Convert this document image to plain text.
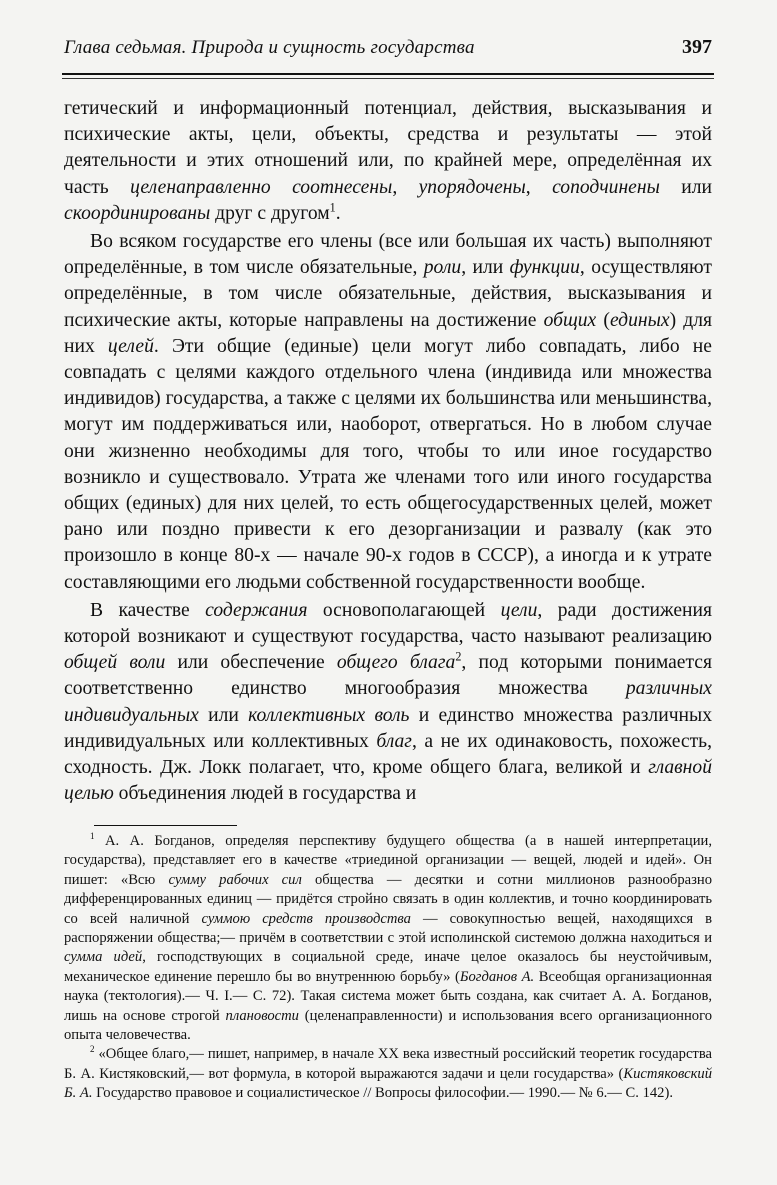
Глава седьмая. Природа и сущность государства	397

гетический и информационный потенциал, действия, высказывания и психические акты, цели, объекты, средства и результаты — этой деятельности и этих отношений или, по крайней мере, определённая их часть целенаправленно соотнесены, упорядочены, соподчинены или скоординированы друг с другом$^1$.

Во всяком государстве его члены (все или большая их часть) выполняют определённые, в том числе обязательные, роли, или функции, осуществляют определённые, в том числе обязательные, действия, высказывания и психические акты, которые направлены на достижение общих (единых) для них целей. Эти общие (единые) цели могут либо совпадать, либо не совпадать с целями каждого отдельного члена (индивида или множества индивидов) государства, а также с целями их большинства или меньшинства, могут им поддерживаться или, наоборот, отвергаться. Но в любом случае они жизненно необходимы для того, чтобы то или иное государство возникло и существовало. Утрата же членами того или иного государства общих (единых) для них целей, то есть общегосударственных целей, может рано или поздно привести к его дезорганизации и развалу (как это произошло в конце 80-х — начале 90-х годов в СССР), а иногда и к утрате составляющими его людьми собственной государственности вообще.

В качестве содержания основополагающей цели, ради достижения которой возникают и существуют государства, часто называют реализацию общей воли или обеспечение общего блага$^2$, под которыми понимается соответственно единство многообразия множества различных индивидуальных или коллективных воль и единство множества различных индивидуальных или коллективных благ, а не их одинаковость, похожесть, сходность. Дж. Локк полагает, что, кроме общего блага, великой и главной целью объединения людей в государства и

$^1$ А. А. Богданов, определяя перспективу будущего общества (а в нашей интерпретации, государства), представляет его в качестве «триединой организации — вещей, людей и идей». Он пишет: «Всю сумму рабочих сил общества — десятки и сотни миллионов разнообразно дифференцированных единиц — придётся стройно связать в один коллектив, и точно координировать со всей наличной суммою средств производства — совокупностью вещей, находящихся в распоряжении общества;— причём в соответствии с этой исполинской системою должна находиться и сумма идей, господствующих в социальной среде, иначе целое оказалось бы неустойчивым, механическое единение перешло бы во внутреннюю борьбу» (Богданов А. Всеобщая организационная наука (тектология).— Ч. I.— С. 72). Такая система может быть создана, как считает А. А. Богданов, лишь на основе строгой плановости (целенаправленности) и использования всего организационного опыта человечества.

$^2$ «Общее благо,— пишет, например, в начале XX века известный российский теоретик государства Б. А. Кистяковский,— вот формула, в которой выражаются задачи и цели государства» (Кистяковский Б. А. Государство правовое и социалистическое // Вопросы философии.— 1990.— № 6.— С. 142).
